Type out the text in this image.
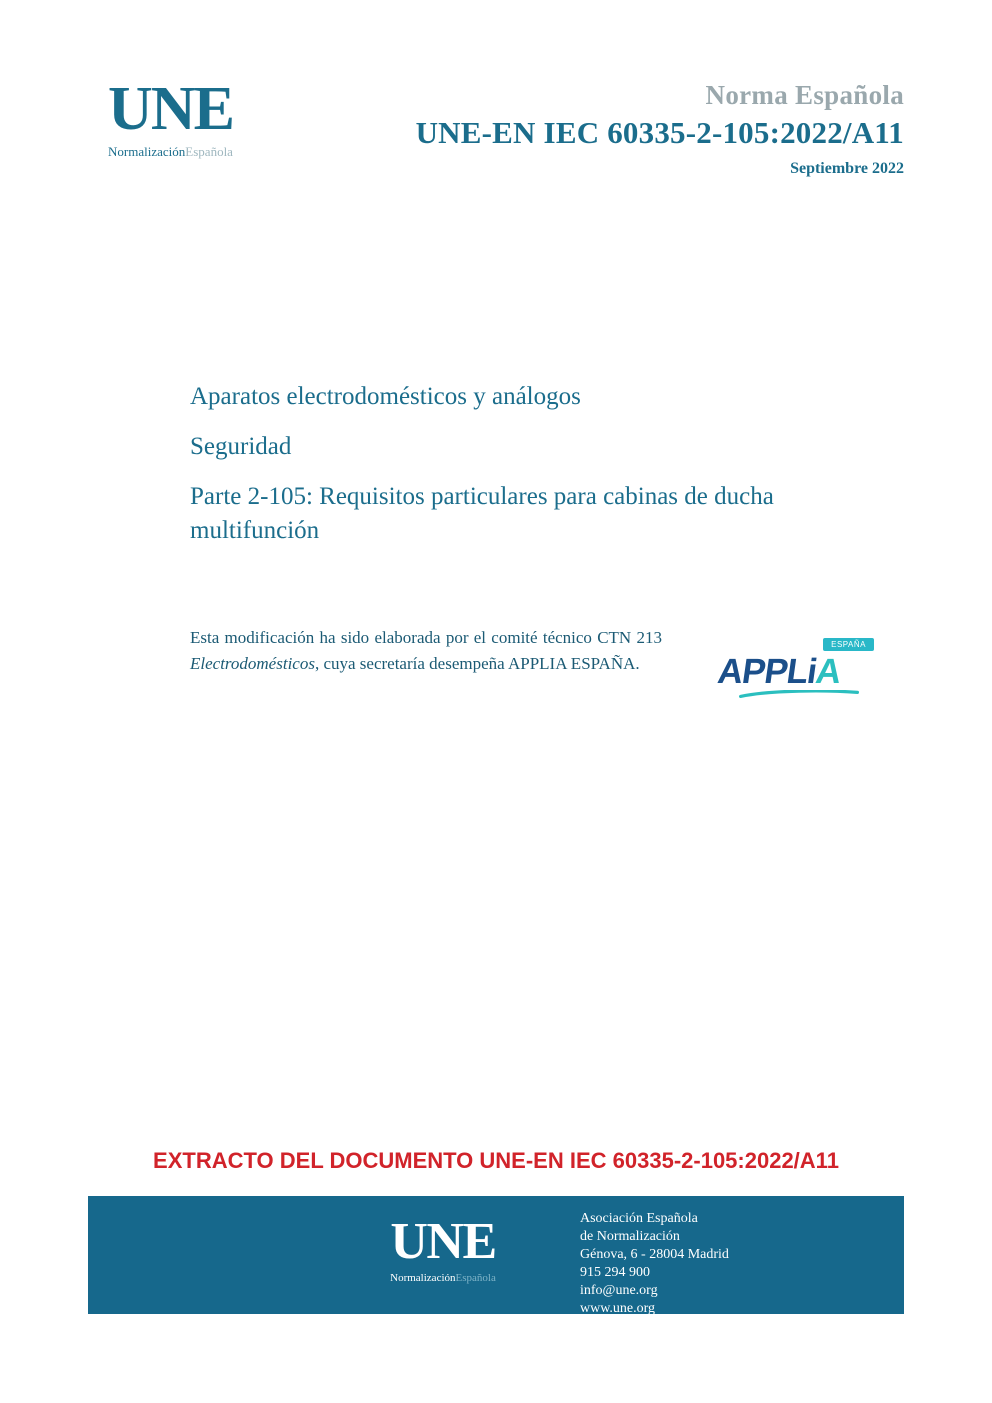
UNE
NormalizaciónEspañola
Norma Española
UNE-EN IEC 60335-2-105:2022/A11
Septiembre 2022
Aparatos electrodomésticos y análogos
Seguridad
Parte 2-105: Requisitos particulares para cabinas de ducha multifunción
Esta modificación ha sido elaborada por el comité técnico CTN 213 Electrodomésticos, cuya secretaría desempeña APPLIA ESPAÑA.
ESPAÑA
APPLiA
EXTRACTO DEL DOCUMENTO UNE-EN IEC 60335-2-105:2022/A11
UNE
NormalizaciónEspañola
Asociación Española
de Normalización
Génova, 6 - 28004 Madrid
915 294 900
info@une.org
www.une.org
